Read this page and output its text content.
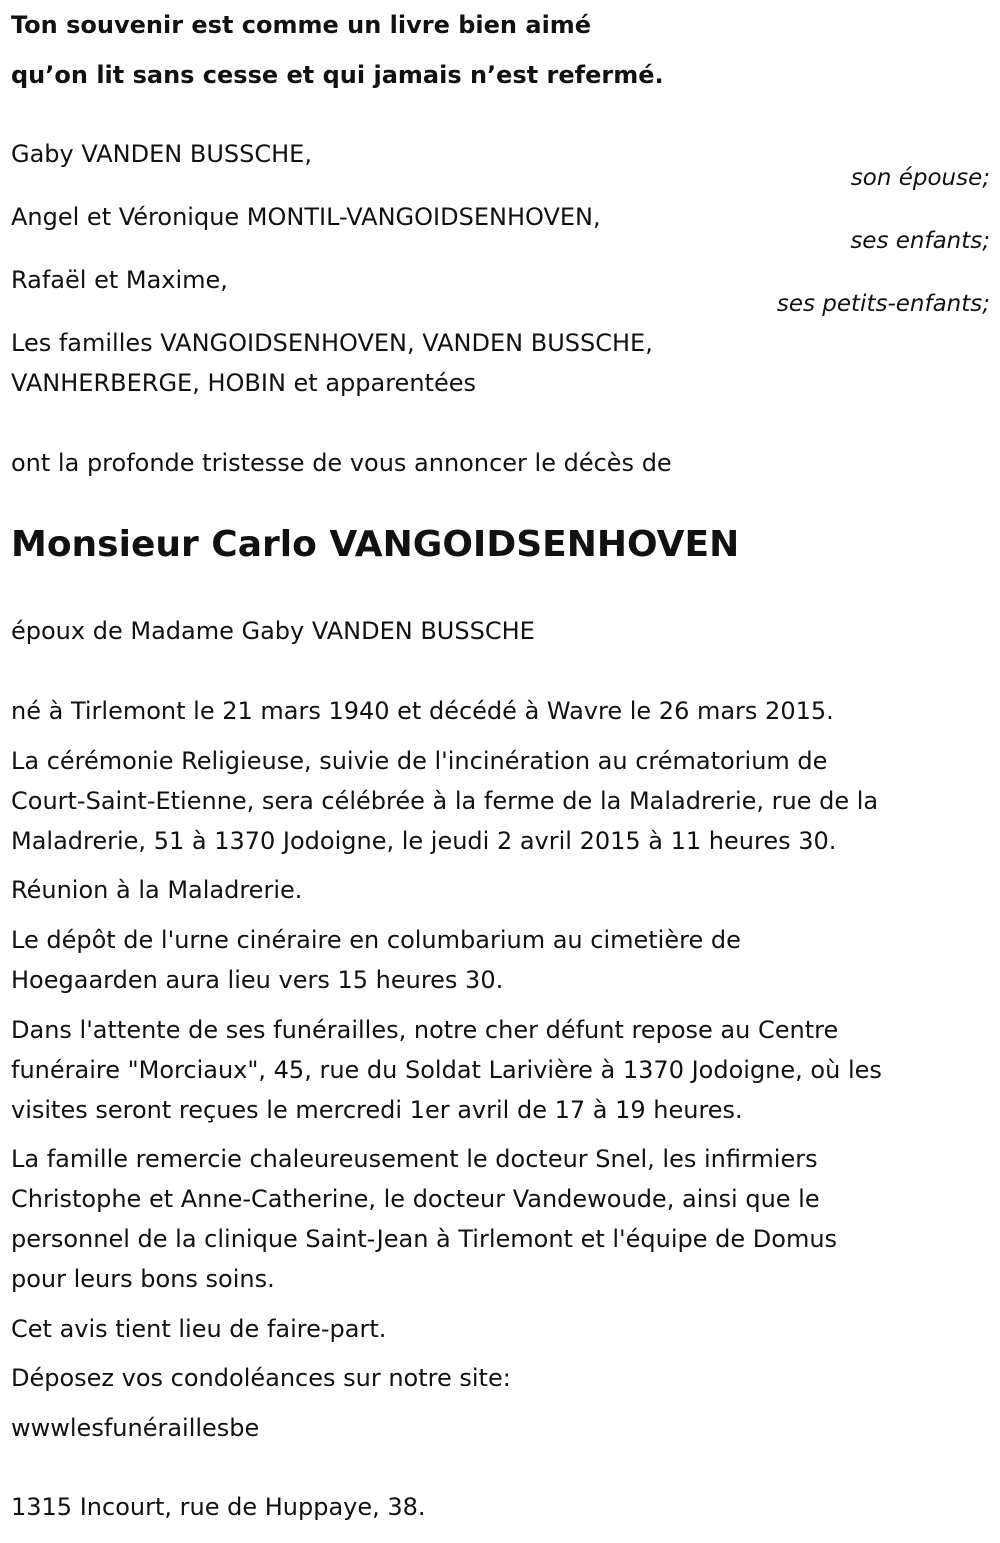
Ton souvenir est comme un livre bien aimé
qu’on lit sans cesse et qui jamais n’est refermé.
Gaby VANDEN BUSSCHE,
son épouse;
Angel et Véronique MONTIL-VANGOIDSENHOVEN,
ses enfants;
Rafaël et Maxime,
ses petits-enfants;
Les familles VANGOIDSENHOVEN, VANDEN BUSSCHE,
VANHERBERGE, HOBIN et apparentées
ont la profonde tristesse de vous annoncer le décès de
Monsieur Carlo VANGOIDSENHOVEN
époux de Madame Gaby VANDEN BUSSCHE
né à Tirlemont le 21 mars 1940 et décédé à Wavre le 26 mars 2015.
La cérémonie Religieuse, suivie de l'incinération au crématorium de
Court-Saint-Etienne, sera célébrée à la ferme de la Maladrerie, rue de la
Maladrerie, 51 à 1370 Jodoigne, le jeudi 2 avril 2015 à 11 heures 30.
Réunion à la Maladrerie.
Le dépôt de l'urne cinéraire en columbarium au cimetière de
Hoegaarden aura lieu vers 15 heures 30.
Dans l'attente de ses funérailles, notre cher défunt repose au Centre
funéraire "Morciaux", 45, rue du Soldat Larivière à 1370 Jodoigne, où les
visites seront reçues le mercredi 1er avril de 17 à 19 heures.
La famille remercie chaleureusement le docteur Snel, les infirmiers
Christophe et Anne-Catherine, le docteur Vandewoude, ainsi que le
personnel de la clinique Saint-Jean à Tirlemont et l'équipe de Domus
pour leurs bons soins.
Cet avis tient lieu de faire-part.
Déposez vos condoléances sur notre site:
wwwlesfunéraillesbe
1315 Incourt, rue de Huppaye, 38.
